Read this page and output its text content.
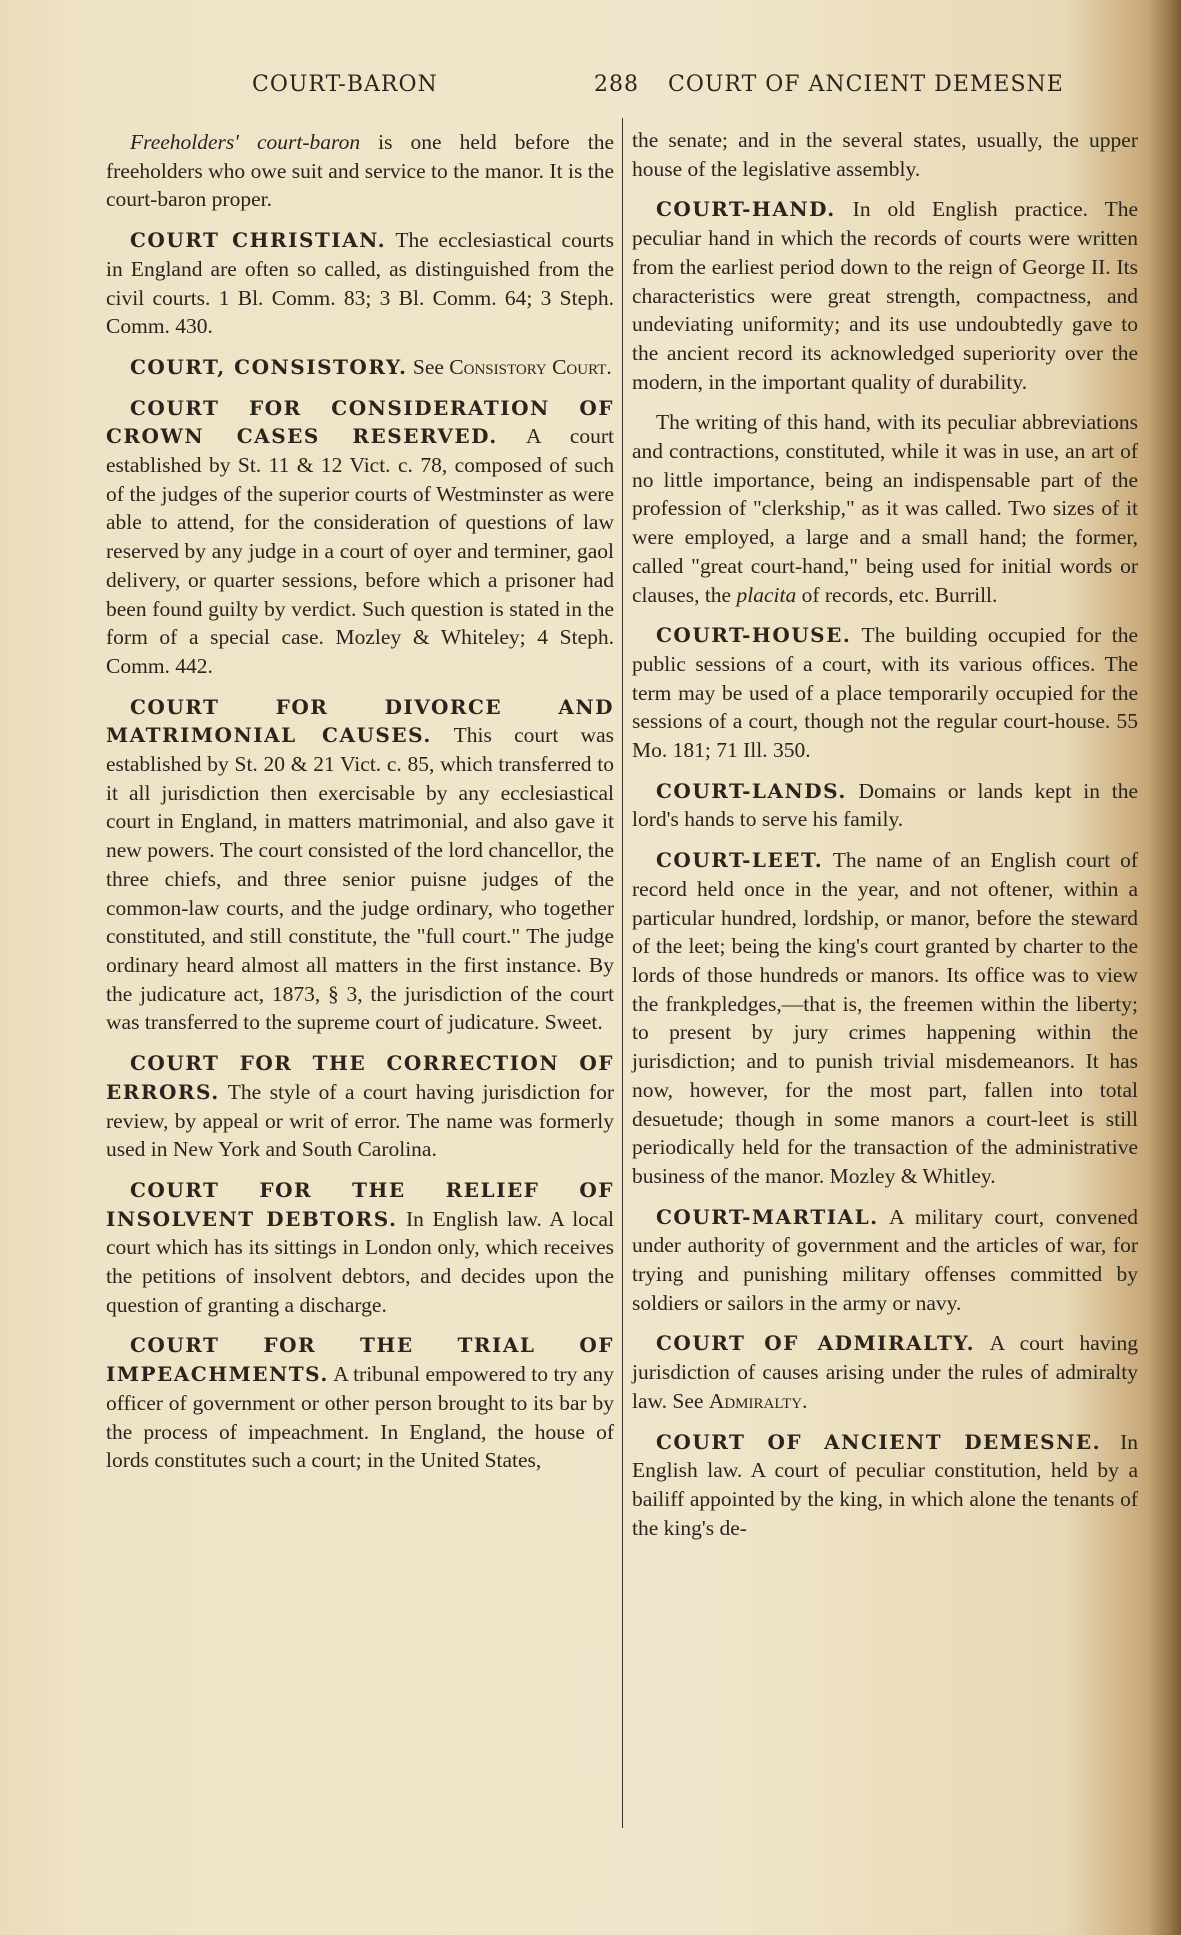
COURT-BARON	288 COURT OF ANCIENT DEMESNE

Freeholders' court-baron is one held before the freeholders who owe suit and service to the manor. It is the court-baron proper.

COURT CHRISTIAN. The ecclesiastical courts in England are often so called, as distinguished from the civil courts. 1 Bl. Comm. 83; 3 Bl. Comm. 64; 3 Steph. Comm. 430.

COURT, CONSISTORY. See Consistory Court.

COURT FOR CONSIDERATION OF CROWN CASES RESERVED. A court established by St. 11 & 12 Vict. c. 78, composed of such of the judges of the superior courts of Westminster as were able to attend, for the consideration of questions of law reserved by any judge in a court of oyer and terminer, gaol delivery, or quarter sessions, before which a prisoner had been found guilty by verdict. Such question is stated in the form of a special case. Mozley & Whiteley; 4 Steph. Comm. 442.

COURT FOR DIVORCE AND MATRIMONIAL CAUSES. This court was established by St. 20 & 21 Vict. c. 85, which transferred to it all jurisdiction then exercisable by any ecclesiastical court in England, in matters matrimonial, and also gave it new powers. The court consisted of the lord chancellor, the three chiefs, and three senior puisne judges of the common-law courts, and the judge ordinary, who together constituted, and still constitute, the "full court." The judge ordinary heard almost all matters in the first instance. By the judicature act, 1873, § 3, the jurisdiction of the court was transferred to the supreme court of judicature. Sweet.

COURT FOR THE CORRECTION OF ERRORS. The style of a court having jurisdiction for review, by appeal or writ of error. The name was formerly used in New York and South Carolina.

COURT FOR THE RELIEF OF INSOLVENT DEBTORS. In English law. A local court which has its sittings in London only, which receives the petitions of insolvent debtors, and decides upon the question of granting a discharge.

COURT FOR THE TRIAL OF IMPEACHMENTS. A tribunal empowered to try any officer of government or other person brought to its bar by the process of impeachment. In England, the house of lords constitutes such a court; in the United States,

the senate; and in the several states, usually, the upper house of the legislative assembly.

COURT-HAND. In old English practice. The peculiar hand in which the records of courts were written from the earliest period down to the reign of George II. Its characteristics were great strength, compactness, and undeviating uniformity; and its use undoubtedly gave to the ancient record its acknowledged superiority over the modern, in the important quality of durability.

The writing of this hand, with its peculiar abbreviations and contractions, constituted, while it was in use, an art of no little importance, being an indispensable part of the profession of "clerkship," as it was called. Two sizes of it were employed, a large and a small hand; the former, called "great court-hand," being used for initial words or clauses, the placita of records, etc. Burrill.

COURT-HOUSE. The building occupied for the public sessions of a court, with its various offices. The term may be used of a place temporarily occupied for the sessions of a court, though not the regular court-house. 55 Mo. 181; 71 Ill. 350.

COURT-LANDS. Domains or lands kept in the lord's hands to serve his family.

COURT-LEET. The name of an English court of record held once in the year, and not oftener, within a particular hundred, lordship, or manor, before the steward of the leet; being the king's court granted by charter to the lords of those hundreds or manors. Its office was to view the frankpledges,—that is, the freemen within the liberty; to present by jury crimes happening within the jurisdiction; and to punish trivial misdemeanors. It has now, however, for the most part, fallen into total desuetude; though in some manors a court-leet is still periodically held for the transaction of the administrative business of the manor. Mozley & Whitley.

COURT-MARTIAL. A military court, convened under authority of government and the articles of war, for trying and punishing military offenses committed by soldiers or sailors in the army or navy.

COURT OF ADMIRALTY. A court having jurisdiction of causes arising under the rules of admiralty law. See Admiralty.

COURT OF ANCIENT DEMESNE. In English law. A court of peculiar constitution, held by a bailiff appointed by the king, in which alone the tenants of the king's de-
